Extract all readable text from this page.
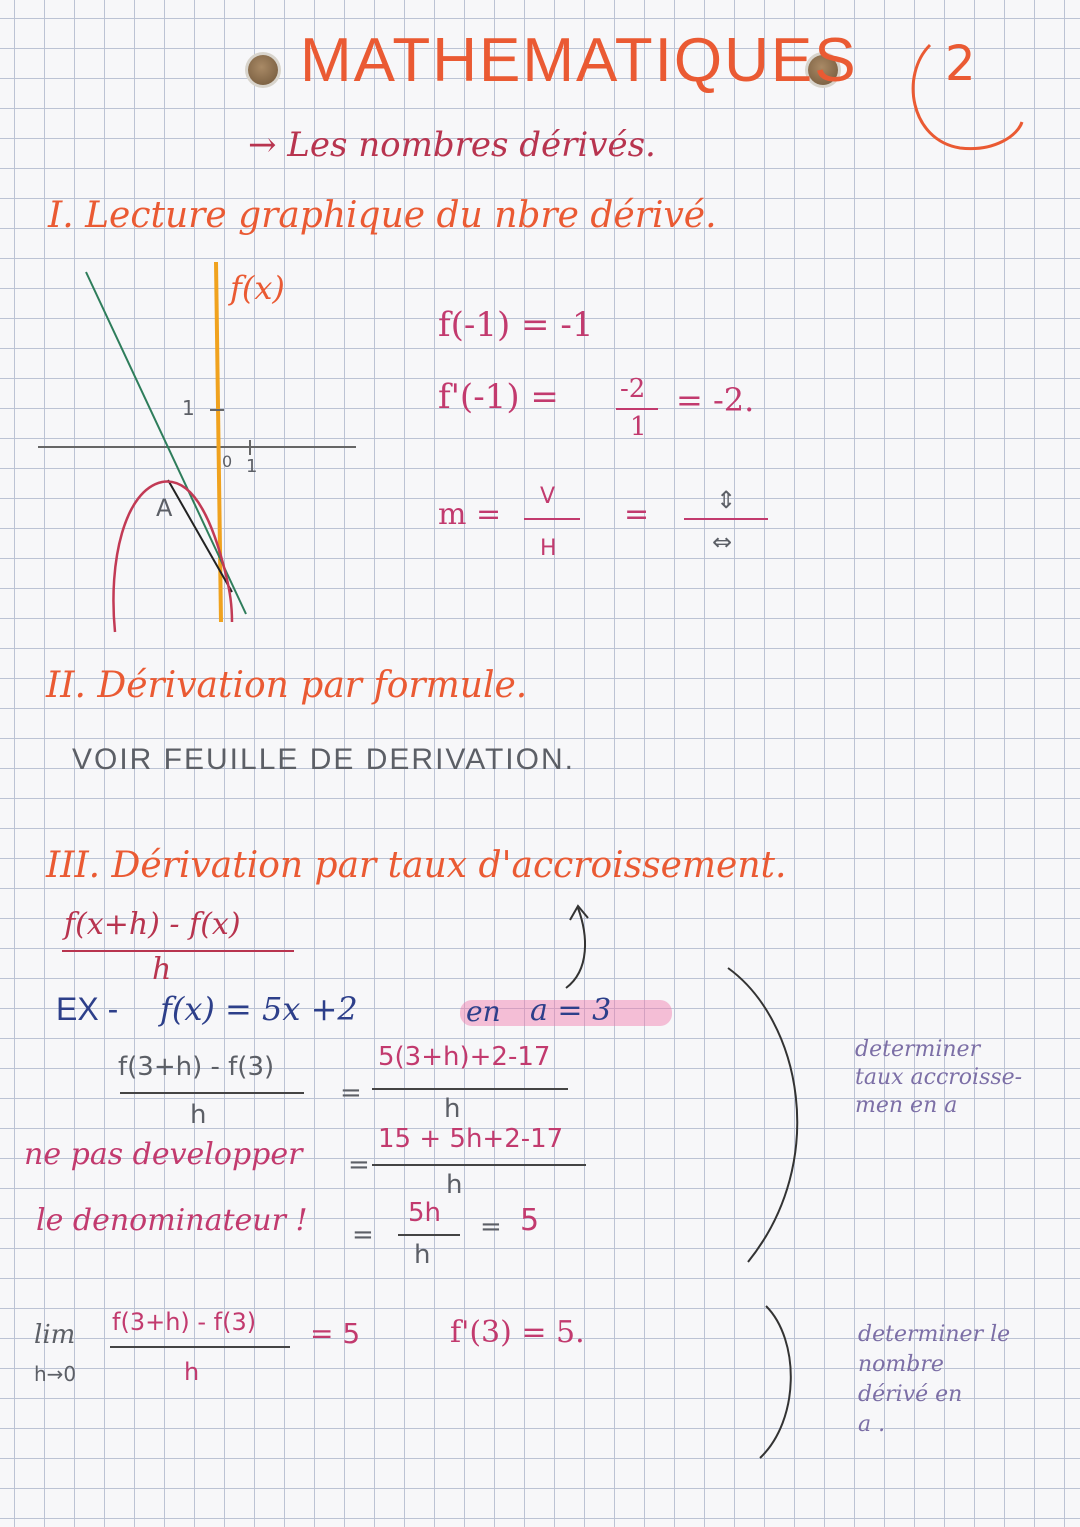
MATHEMATIQUES 2
→ Les nombres dérivés.
I. Lecture graphique du nbre dérivé.
f(x)
1
0 1
A
f(-1) = -1
f'(-1) = -2
1
= -2.
m =
V
H
=	⇕
⇔
II. Dérivation par formule.
VOIR FEUILLE DE DERIVATION.
III. Dérivation par taux d'accroissement.
f(x+h) - f(x)
h
EX - f(x) = 5x +2	en a = 3
f(3+h) - f(3)
h
=
5(3+h)+2-17
h
=
15 + 5h+2-17
h
=
5h
h
= 5
ne pas developper
le denominateur !
lim
h→0
f(3+h) - f(3)
h
= 5	f'(3) = 5.
determiner
taux accroisse-
men en a
determiner le
nombre
dérivé en
a .
